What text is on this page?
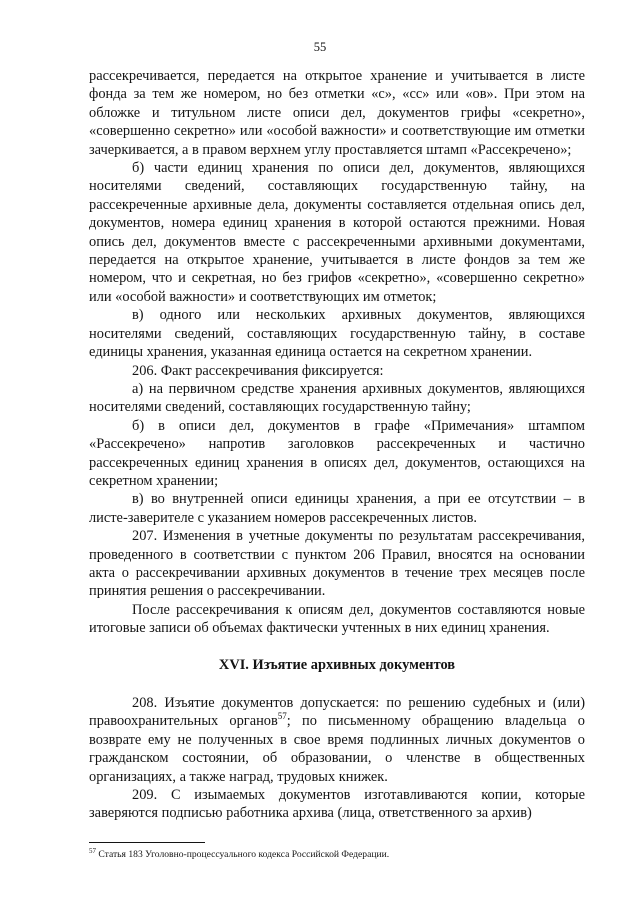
55

рассекречивается, передается на открытое хранение и учитывается в листе фонда за тем же номером, но без отметки «с», «сс» или «ов». При этом на обложке и титульном листе описи дел, документов грифы «секретно», «совершенно секретно» или «особой важности» и соответствующие им отметки зачеркивается, а в правом верхнем углу проставляется штамп «Рассекречено»;

б) части единиц хранения по описи дел, документов, являющихся носителями сведений, составляющих государственную тайну, на рассекреченные архивные дела, документы составляется отдельная опись дел, документов, номера единиц хранения в которой остаются прежними. Новая опись дел, документов вместе с рассекреченными архивными документами, передается на открытое хранение, учитывается в листе фондов за тем же номером, что и секретная, но без грифов «секретно», «совершенно секретно» или «особой важности» и соответствующих им отметок;

в) одного или нескольких архивных документов, являющихся носителями сведений, составляющих государственную тайну, в составе единицы хранения, указанная единица остается на секретном хранении.

206. Факт рассекречивания фиксируется:

а) на первичном средстве хранения архивных документов, являющихся носителями сведений, составляющих государственную тайну;

б) в описи дел, документов в графе «Примечания» штампом «Рассекречено» напротив заголовков рассекреченных и частично рассекреченных единиц хранения в описях дел, документов, остающихся на секретном хранении;

в) во внутренней описи единицы хранения, а при ее отсутствии – в листе-заверителе с указанием номеров рассекреченных листов.

207. Изменения в учетные документы по результатам рассекречивания, проведенного в соответствии с пунктом 206 Правил, вносятся на основании акта о рассекречивании архивных документов в течение трех месяцев после принятия решения о рассекречивании.

После рассекречивания к описям дел, документов составляются новые итоговые записи об объемах фактически учтенных в них единиц хранения.

XVI. Изъятие архивных документов

208. Изъятие документов допускается: по решению судебных и (или) правоохранительных органов$^{57}$; по письменному обращению владельца о возврате ему не полученных в свое время подлинных личных документов о гражданском состоянии, об образовании, о членстве в общественных организациях, а также наград, трудовых книжек.

209. С изымаемых документов изготавливаются копии, которые заверяются подписью работника архива (лица, ответственного за архив)

$^{57}$ Статья 183 Уголовно-процессуального кодекса Российской Федерации.
